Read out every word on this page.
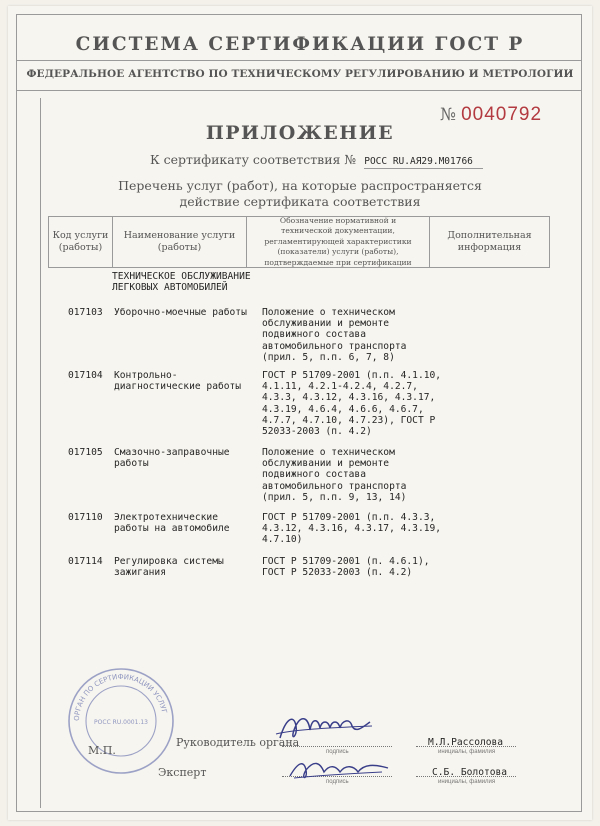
СИСТЕМА СЕРТИФИКАЦИИ ГОСТ Р
ФЕДЕРАЛЬНОЕ АГЕНТСТВО ПО ТЕХНИЧЕСКОМУ РЕГУЛИРОВАНИЮ И МЕТРОЛОГИИ
№ 0040792
ПРИЛОЖЕНИЕ
К сертификату соответствия № РОСС RU.АЯ29.М01766
Перечень услуг (работ), на которые распространяется
действие сертификата соответствия
Код услуги (работы)
Наименование услуги (работы)
Обозначение нормативной и технической документации, регламентирующей характеристики (показатели) услуги (работы), подтверждаемые при сертификации
Дополнительная информация
ТЕХНИЧЕСКОЕ ОБСЛУЖИВАНИЕ
ЛЕГКОВЫХ АВТОМОБИЛЕЙ
017103 Уборочно-моечные работы Положение о техническом
обслуживании и ремонте
подвижного состава
автомобильного транспорта
(прил. 5, п.п. 6, 7, 8)
017104 Контрольно-
диагностические работы
ГОСТ Р 51709-2001 (п.п. 4.1.10,
4.1.11, 4.2.1-4.2.4, 4.2.7,
4.3.3, 4.3.12, 4.3.16, 4.3.17,
4.3.19, 4.6.4, 4.6.6, 4.6.7,
4.7.7, 4.7.10, 4.7.23), ГОСТ Р
52033-2003 (п. 4.2)
017105 Смазочно-заправочные
работы
Положение о техническом
обслуживании и ремонте
подвижного состава
автомобильного транспорта
(прил. 5, п.п. 9, 13, 14)
017110 Электротехнические
работы на автомобиле
ГОСТ Р 51709-2001 (п.п. 4.3.3,
4.3.12, 4.3.16, 4.3.17, 4.3.19,
4.7.10)
017114 Регулировка системы
зажигания
ГОСТ Р 51709-2001 (п. 4.6.1),
ГОСТ Р 52033-2003 (п. 4.2)
ОРГАН ПО СЕРТИФИКАЦИИ УСЛУГ
РОСС RU.0001.13
М.П.
Руководитель органа
подпись
М.Л.Рассолова
инициалы, фамилия
Эксперт
подпись
С.Б. Болотова
инициалы, фамилия
